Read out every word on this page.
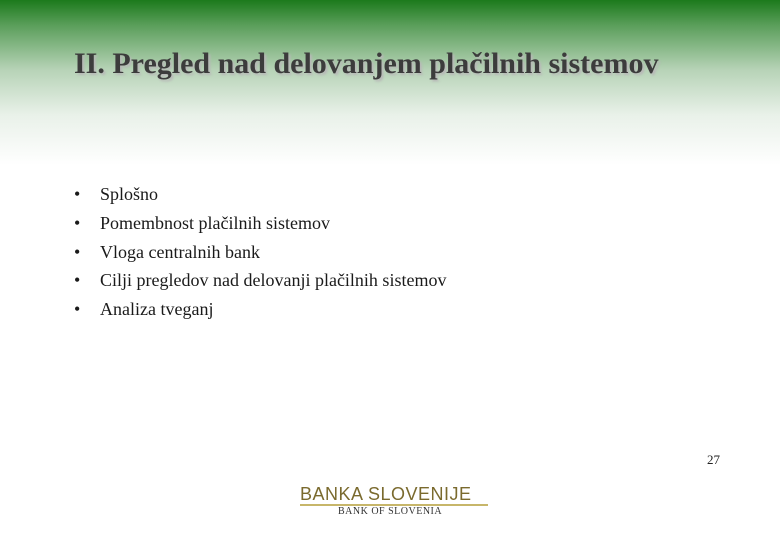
II. Pregled nad delovanjem plačilnih sistemov
•	Splošno
•	Pomembnost plačilnih sistemov
•	Vloga centralnih bank
•	Cilji pregledov nad delovanji plačilnih sistemov
•	Analiza tveganj
27
BANKA SLOVENIJE
BANK OF SLOVENIA
